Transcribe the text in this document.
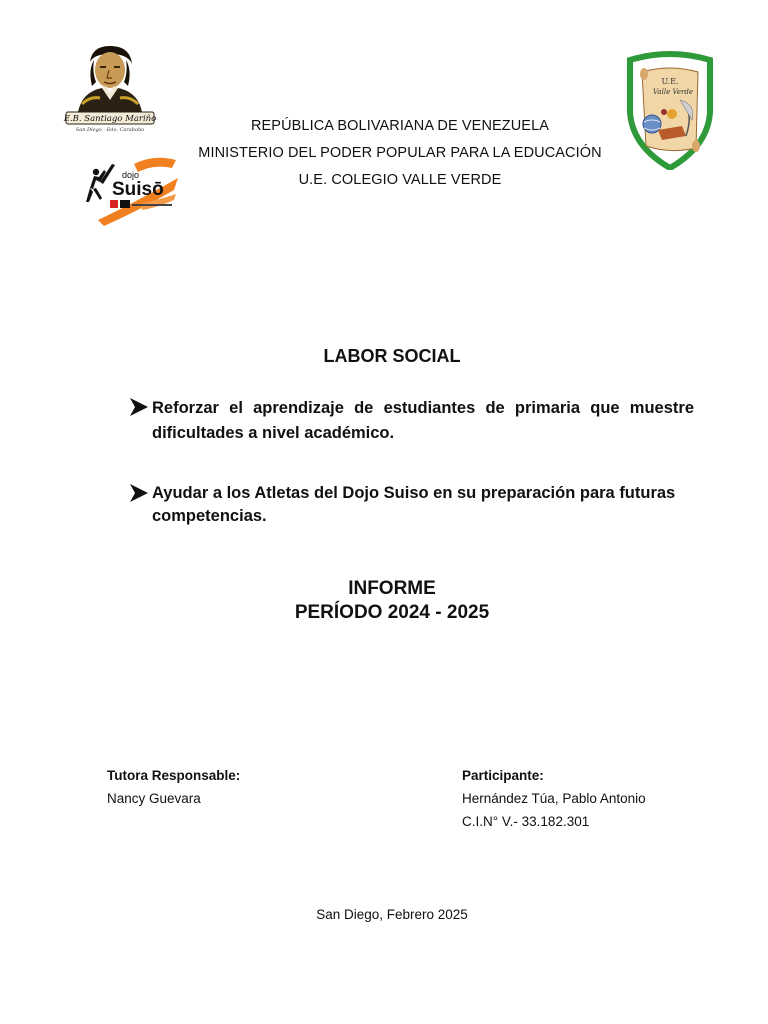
E.B. Santiago Mariño
San Diego - Edo. Carabobo
dojo
Suisō
U.E.
Valle Verde
REPÚBLICA BOLIVARIANA DE VENEZUELA
MINISTERIO DEL PODER POPULAR PARA LA EDUCACIÓN
U.E. COLEGIO VALLE VERDE
LABOR SOCIAL

Reforzar el aprendizaje de estudiantes de primaria que muestre dificultades a nivel académico.

Ayudar a los Atletas del Dojo Suiso en su preparación para futuras competencias.

INFORME
PERÍODO 2024 - 2025
Tutora Responsable:
Nancy Guevara
Participante:
Hernández Túa, Pablo Antonio
C.I.N° V.- 33.182.301
San Diego, Febrero 2025
